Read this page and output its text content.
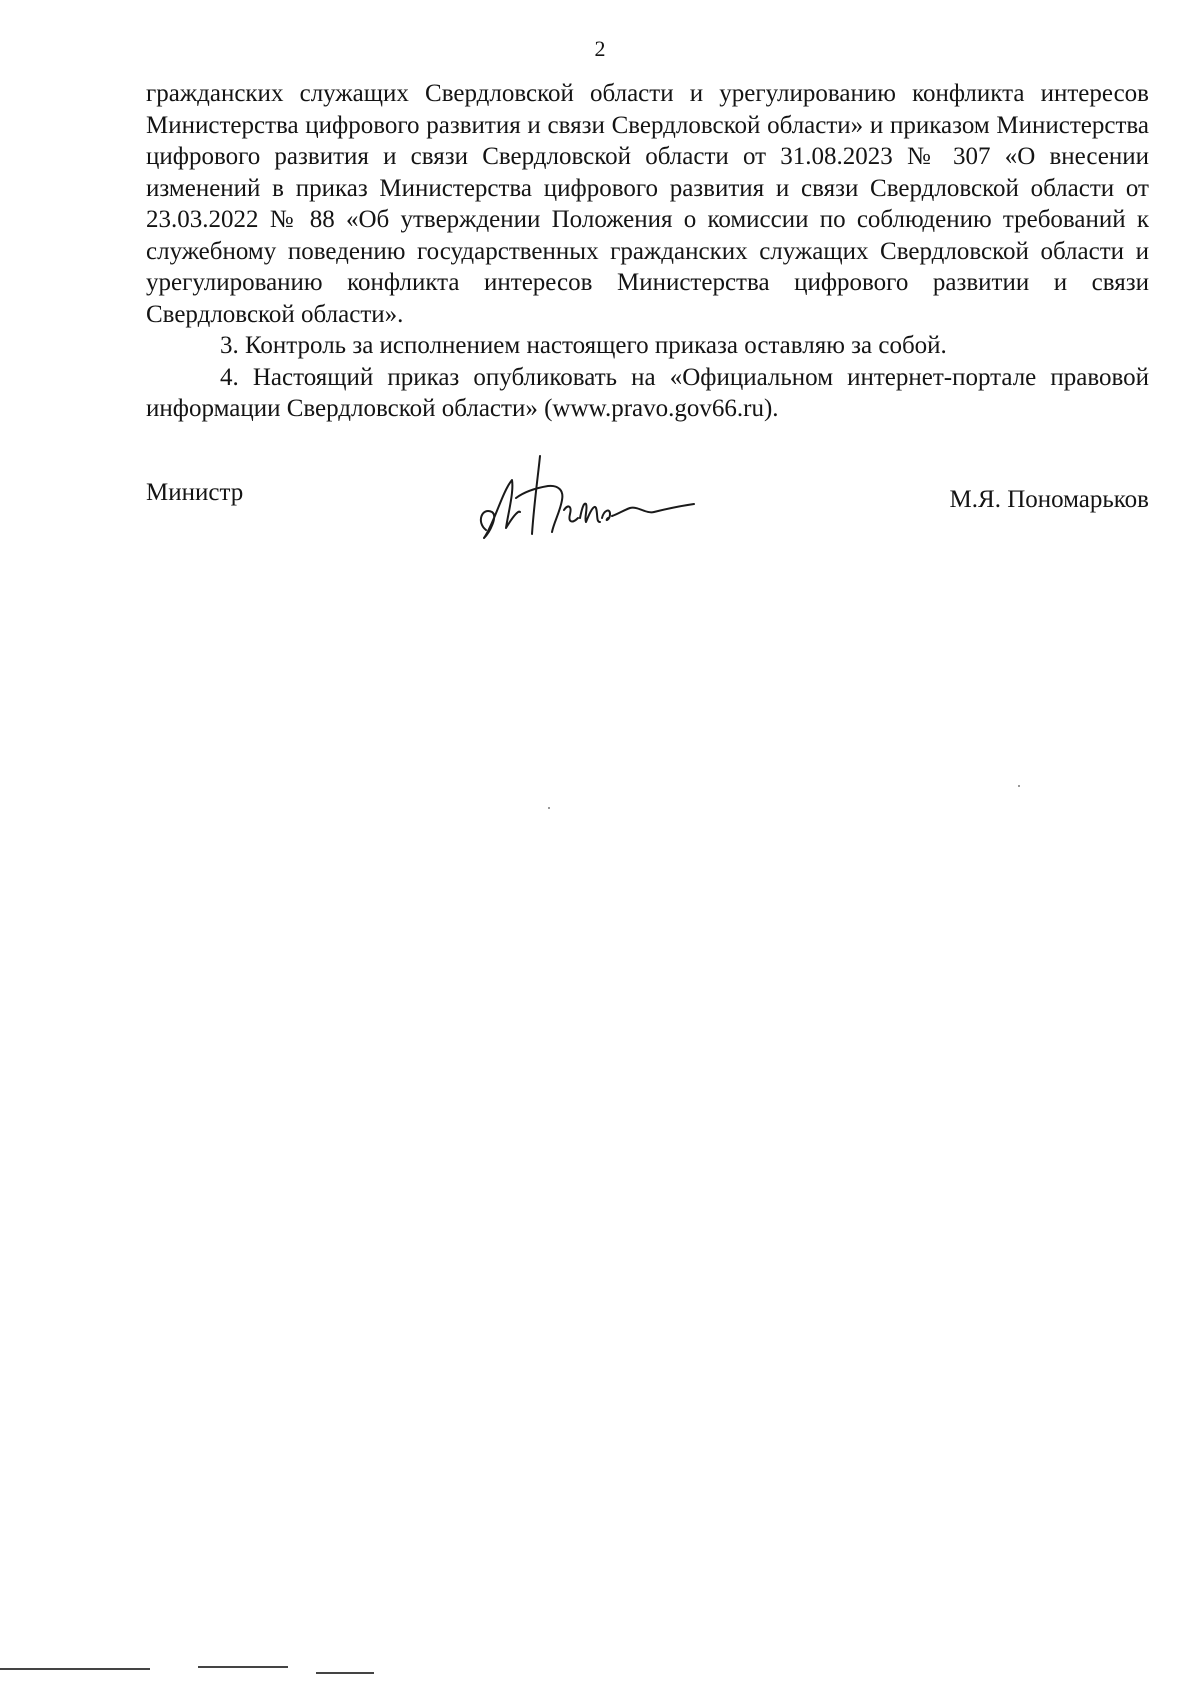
2

гражданских служащих Свердловской области и урегулированию конфликта интересов Министерства цифрового развития и связи Свердловской области» и приказом Министерства цифрового развития и связи Свердловской области от 31.08.2023 № 307 «О внесении изменений в приказ Министерства цифрового развития и связи Свердловской области от 23.03.2022 № 88 «Об утверждении Положения о комиссии по соблюдению требований к служебному поведению государственных гражданских служащих Свердловской области и урегулированию конфликта интересов Министерства цифрового развитии и связи Свердловской области».

3. Контроль за исполнением настоящего приказа оставляю за собой.

4. Настоящий приказ опубликовать на «Официальном интернет-портале правовой информации Свердловской области» (www.pravo.gov66.ru).

Министр	М.Я. Пономарьков
